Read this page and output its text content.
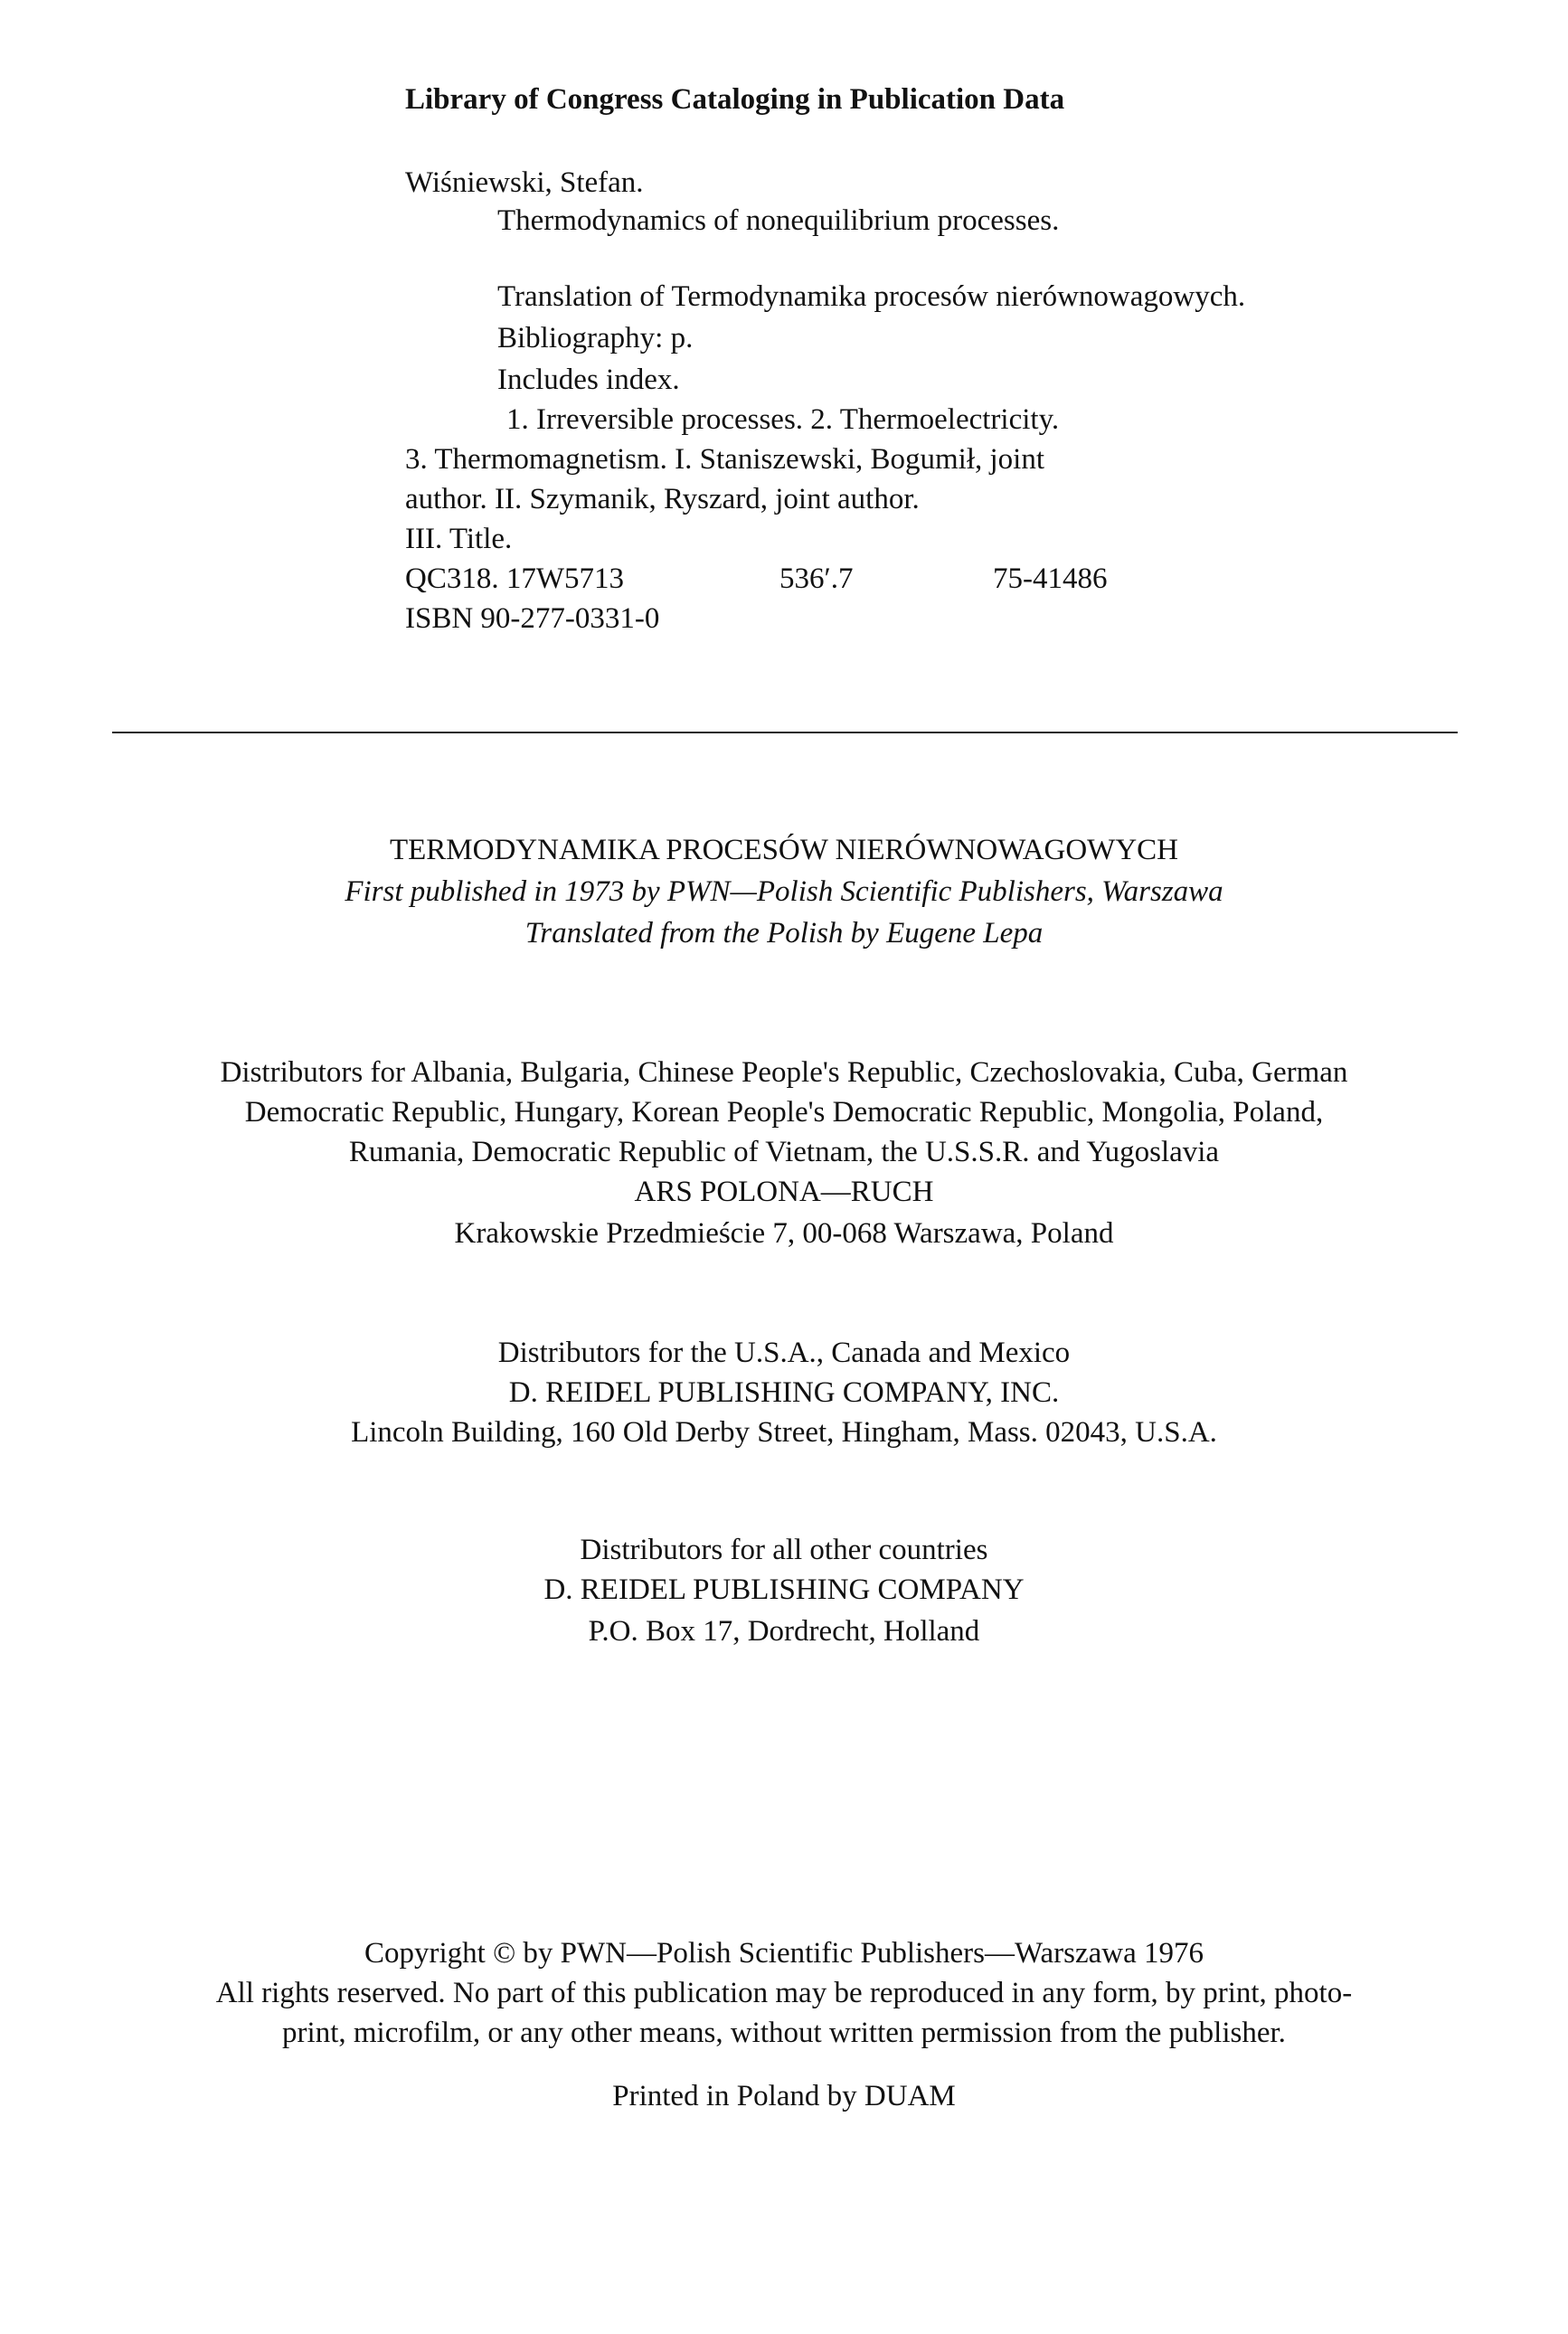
Library of Congress Cataloging in Publication Data
Wiśniewski, Stefan.
Thermodynamics of nonequilibrium processes.
Translation of Termodynamika procesów nierównowagowych.
Bibliography: p.
Includes index.
1. Irreversible processes. 2. Thermoelectricity.
3. Thermomagnetism. I. Staniszewski, Bogumił, joint
author. II. Szymanik, Ryszard, joint author.
III. Title.
QC318. 17W5713	536′.7	75-41486
ISBN 90-277-0331-0
TERMODYNAMIKA PROCESÓW NIERÓWNOWAGOWYCH
First published in 1973 by PWN—Polish Scientific Publishers, Warszawa
Translated from the Polish by Eugene Lepa
Distributors for Albania, Bulgaria, Chinese People's Republic, Czechoslovakia, Cuba, German
Democratic Republic, Hungary, Korean People's Democratic Republic, Mongolia, Poland,
Rumania, Democratic Republic of Vietnam, the U.S.S.R. and Yugoslavia
ARS POLONA—RUCH
Krakowskie Przedmieście 7, 00-068 Warszawa, Poland
Distributors for the U.S.A., Canada and Mexico
D. REIDEL PUBLISHING COMPANY, INC.
Lincoln Building, 160 Old Derby Street, Hingham, Mass. 02043, U.S.A.
Distributors for all other countries
D. REIDEL PUBLISHING COMPANY
P.O. Box 17, Dordrecht, Holland
Copyright © by PWN—Polish Scientific Publishers—Warszawa 1976
All rights reserved. No part of this publication may be reproduced in any form, by print, photo-
print, microfilm, or any other means, without written permission from the publisher.
Printed in Poland by DUAM
